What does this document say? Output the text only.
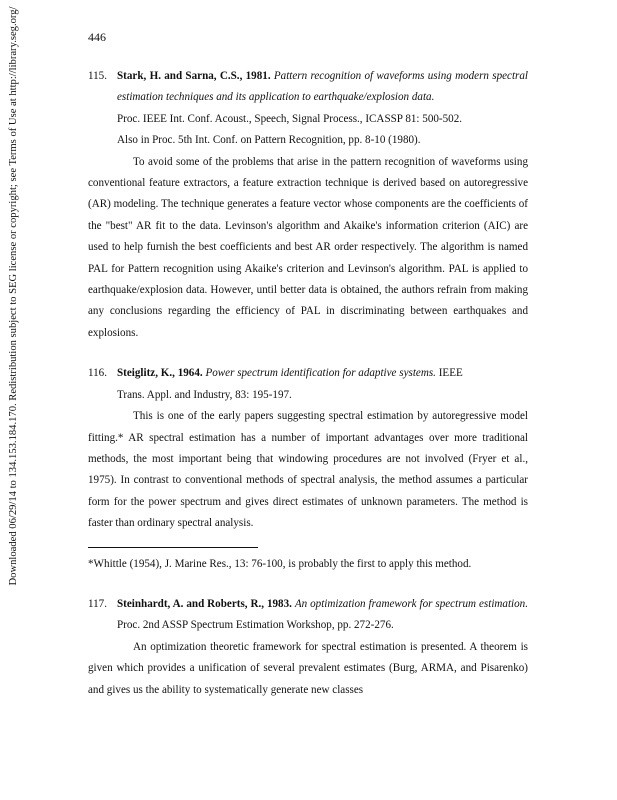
446
Downloaded 06/29/14 to 134.153.184.170. Redistribution subject to SEG license or copyright; see Terms of Use at http://library.seg.org/	115. Stark, H. and Sarna, C.S., 1981. Pattern recognition of waveforms using modern spectral estimation techniques and its application to earthquake/explosion data.
Proc. IEEE Int. Conf. Acoust., Speech, Signal Process., ICASSP 81: 500-502.
Also in Proc. 5th Int. Conf. on Pattern Recognition, pp. 8-10 (1980).

To avoid some of the problems that arise in the pattern recognition of waveforms using conventional feature extractors, a feature extraction technique is derived based on autoregressive (AR) modeling. The technique generates a feature vector whose components are the coefficients of the "best" AR fit to the data. Levinson's algorithm and Akaike's information criterion (AIC) are used to help furnish the best coefficients and best AR order respectively. The algorithm is named PAL for Pattern recognition using Akaike's criterion and Levinson's algorithm. PAL is applied to earthquake/explosion data. However, until better data is obtained, the authors refrain from making any conclusions regarding the efficiency of PAL in discriminating between earthquakes and explosions.

116. Steiglitz, K., 1964. Power spectrum identification for adaptive systems. IEEE
Trans. Appl. and Industry, 83: 195-197.

This is one of the early papers suggesting spectral estimation by autoregressive model fitting.* AR spectral estimation has a number of important advantages over more traditional methods, the most important being that windowing procedures are not involved (Fryer et al., 1975). In contrast to conventional methods of spectral analysis, the method assumes a particular form for the power spectrum and gives direct estimates of unknown parameters. The method is faster than ordinary spectral analysis.

*Whittle (1954), J. Marine Res., 13: 76-100, is probably the first to apply this method.

117. Steinhardt, A. and Roberts, R., 1983. An optimization framework for spectrum estimation. Proc. 2nd ASSP Spectrum Estimation Workshop, pp. 272-276.

An optimization theoretic framework for spectral estimation is presented. A theorem is given which provides a unification of several prevalent estimates (Burg, ARMA, and Pisarenko) and gives us the ability to systematically generate new classes
